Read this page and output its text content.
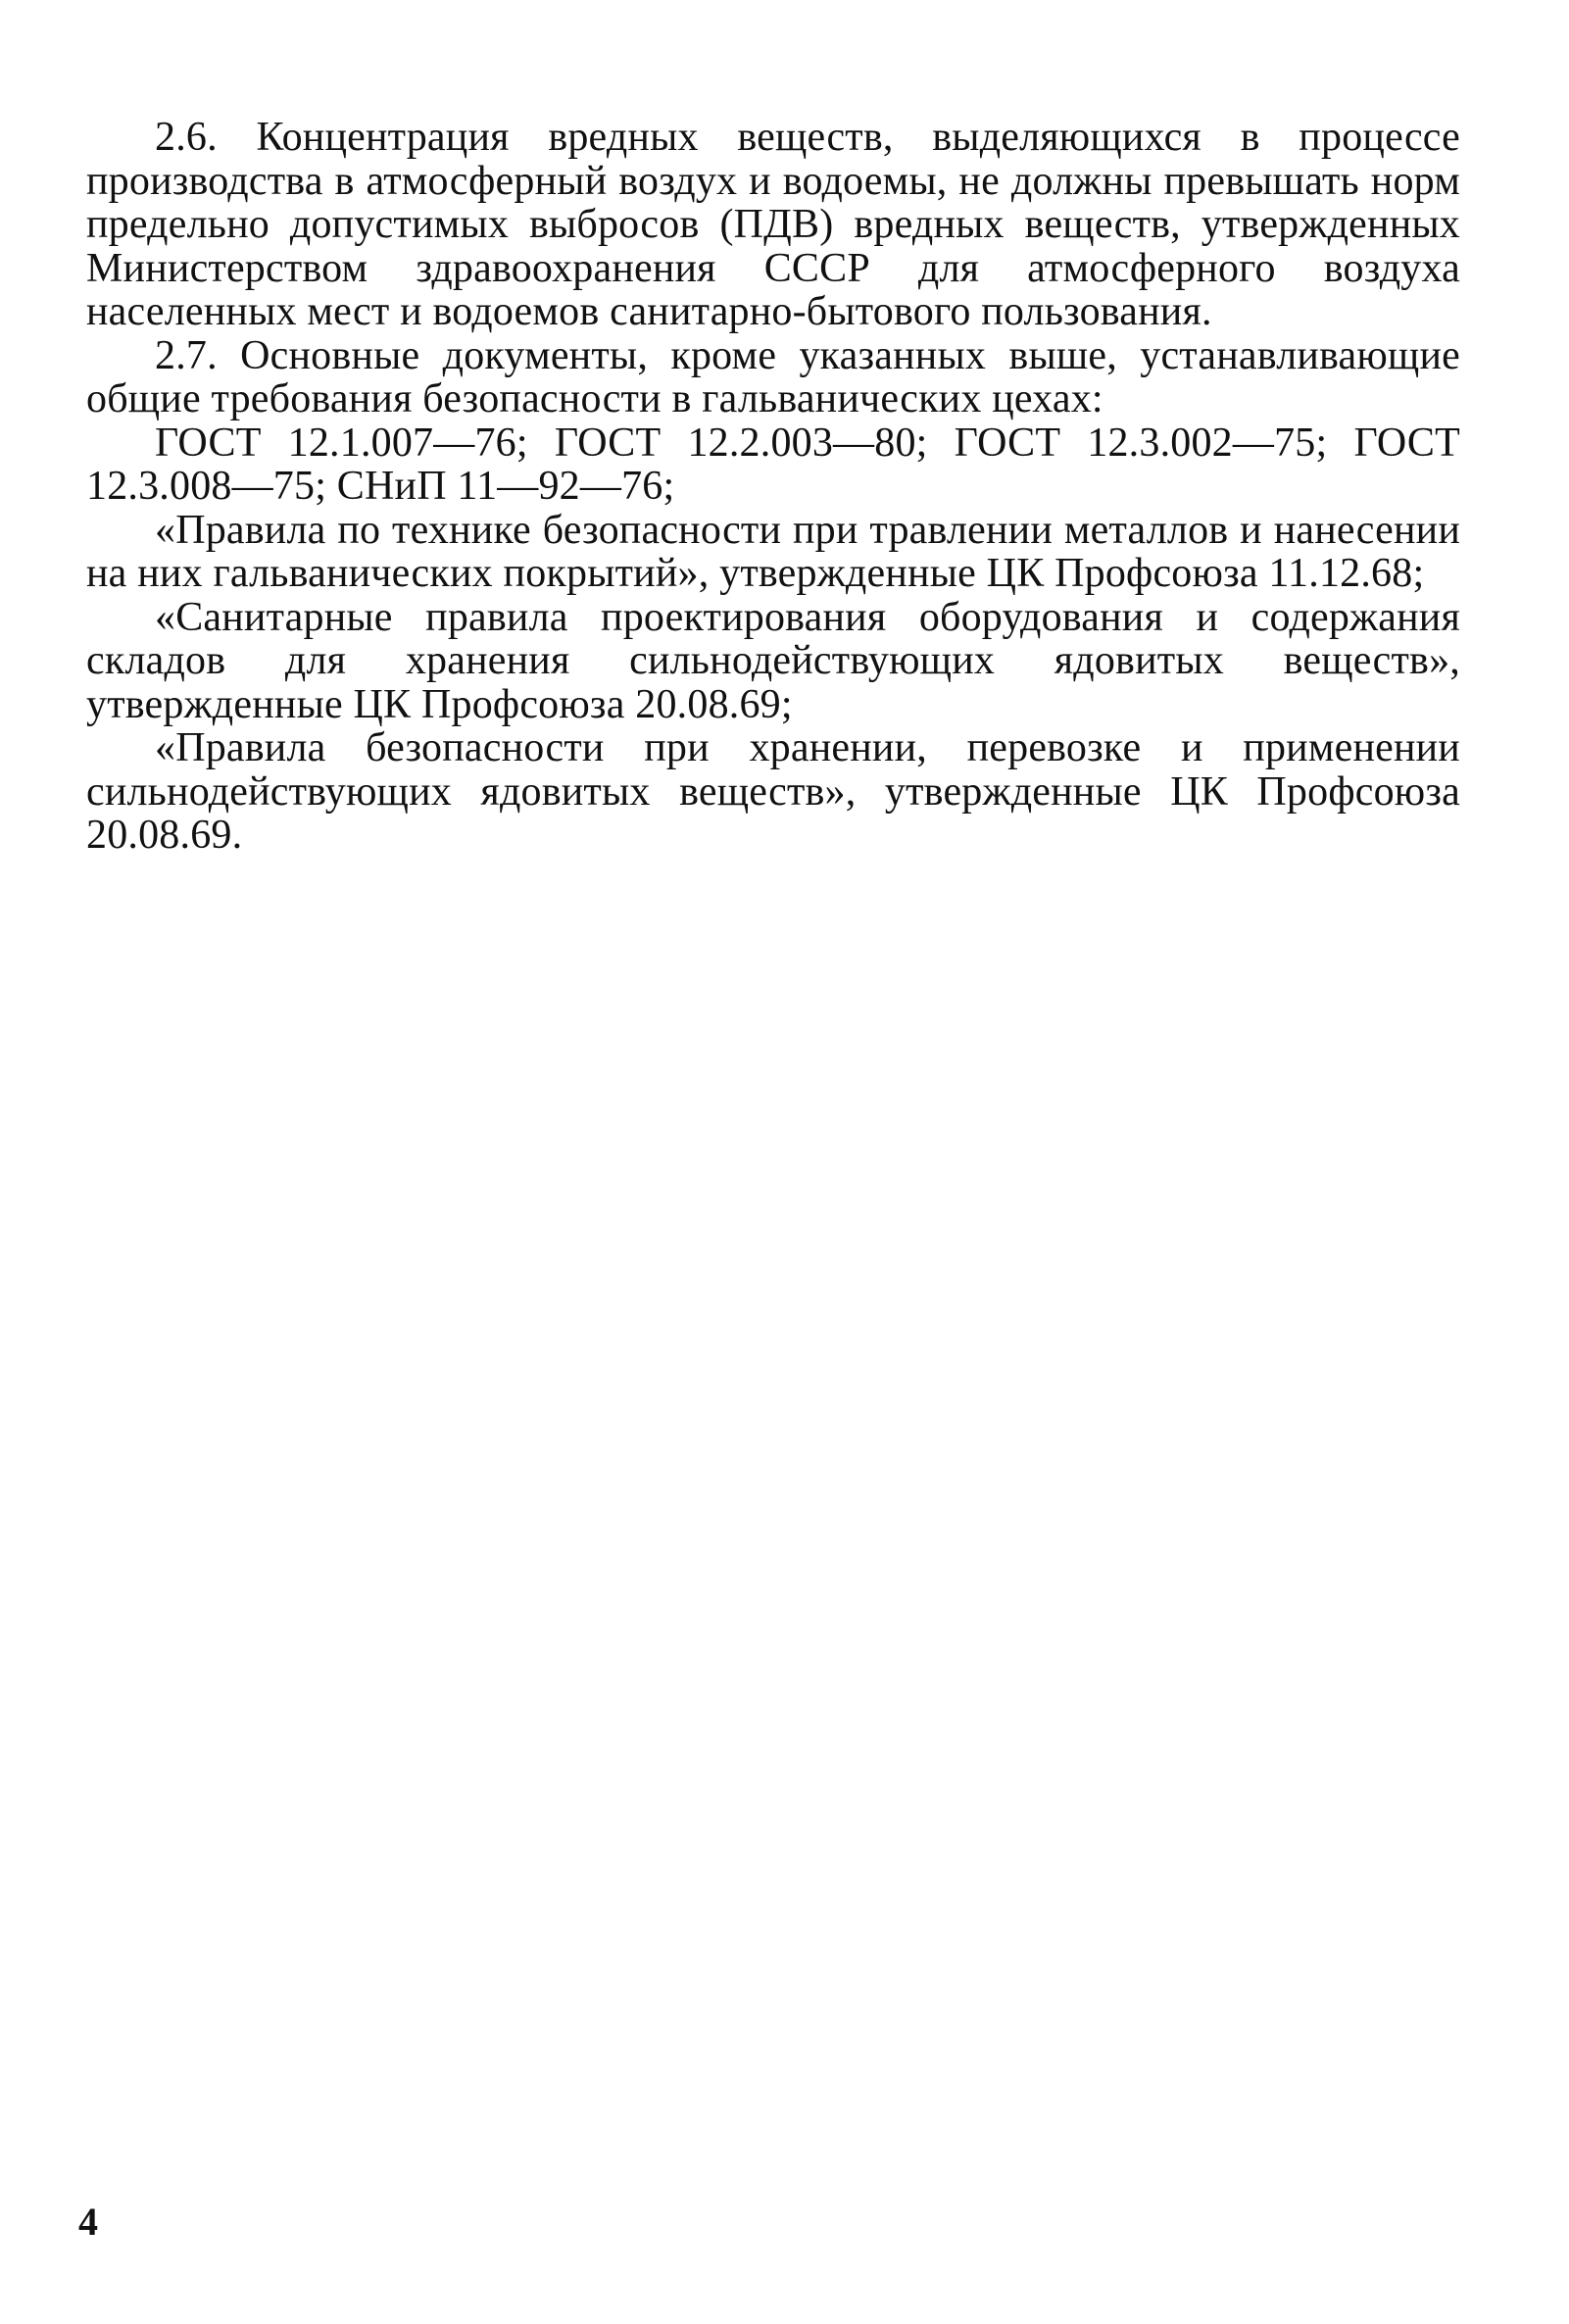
2.6. Концентрация вредных веществ, выделяющихся в процессе производства в атмосферный воздух и водоемы, не должны превышать норм предельно допустимых выбросов (ПДВ) вредных веществ, утвержденных Министерством здравоохранения СССР для атмосферного воздуха населенных мест и водоемов санитарно-бытового пользования.

2.7. Основные документы, кроме указанных выше, устанавливающие общие требования безопасности в гальванических цехах:

ГОСТ 12.1.007—76; ГОСТ 12.2.003—80; ГОСТ 12.3.002—75; ГОСТ 12.3.008—75; СНиП 11—92—76;

«Правила по технике безопасности при травлении металлов и нанесении на них гальванических покрытий», утвержденные ЦК Профсоюза 11.12.68;

«Санитарные правила проектирования оборудования и содержания складов для хранения сильнодействующих ядовитых веществ», утвержденные ЦК Профсоюза 20.08.69;

«Правила безопасности при хранении, перевозке и применении сильнодействующих ядовитых веществ», утвержденные ЦК Профсоюза 20.08.69.

4
